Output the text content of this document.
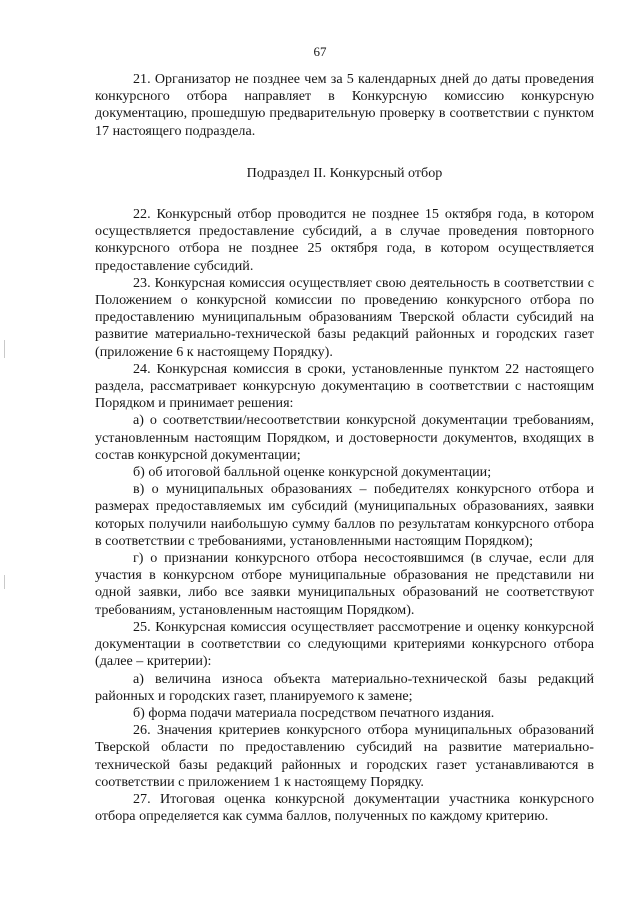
67

21. Организатор не позднее чем за 5 календарных дней до даты проведения конкурсного отбора направляет в Конкурсную комиссию конкурсную документацию, прошедшую предварительную проверку в соответствии с пунктом 17 настоящего подраздела.

Подраздел II. Конкурсный отбор

22. Конкурсный отбор проводится не позднее 15 октября года, в котором осуществляется предоставление субсидий, а в случае проведения повторного конкурсного отбора не позднее 25 октября года, в котором осуществляется предоставление субсидий.

23. Конкурсная комиссия осуществляет свою деятельность в соответствии с Положением о конкурсной комиссии по проведению конкурсного отбора по предоставлению муниципальным образованиям Тверской области субсидий на развитие материально-технической базы редакций районных и городских газет (приложение 6 к настоящему Порядку).

24. Конкурсная комиссия в сроки, установленные пунктом 22 настоящего раздела, рассматривает конкурсную документацию в соответствии с настоящим Порядком и принимает решения:

а) о соответствии/несоответствии конкурсной документации требованиям, установленным настоящим Порядком, и достоверности документов, входящих в состав конкурсной документации;

б) об итоговой балльной оценке конкурсной документации;

в) о муниципальных образованиях – победителях конкурсного отбора и размерах предоставляемых им субсидий (муниципальных образованиях, заявки которых получили наибольшую сумму баллов по результатам конкурсного отбора в соответствии с требованиями, установленными настоящим Порядком);

г) о признании конкурсного отбора несостоявшимся (в случае, если для участия в конкурсном отборе муниципальные образования не представили ни одной заявки, либо все заявки муниципальных образований не соответствуют требованиям, установленным настоящим Порядком).

25. Конкурсная комиссия осуществляет рассмотрение и оценку конкурсной документации в соответствии со следующими критериями конкурсного отбора (далее – критерии):

а) величина износа объекта материально-технической базы редакций районных и городских газет, планируемого к замене;

б) форма подачи материала посредством печатного издания.

26. Значения критериев конкурсного отбора муниципальных образований Тверской области по предоставлению субсидий на развитие материально-технической базы редакций районных и городских газет устанавливаются в соответствии с приложением 1 к настоящему Порядку.

27. Итоговая оценка конкурсной документации участника конкурсного отбора определяется как сумма баллов, полученных по каждому критерию.
